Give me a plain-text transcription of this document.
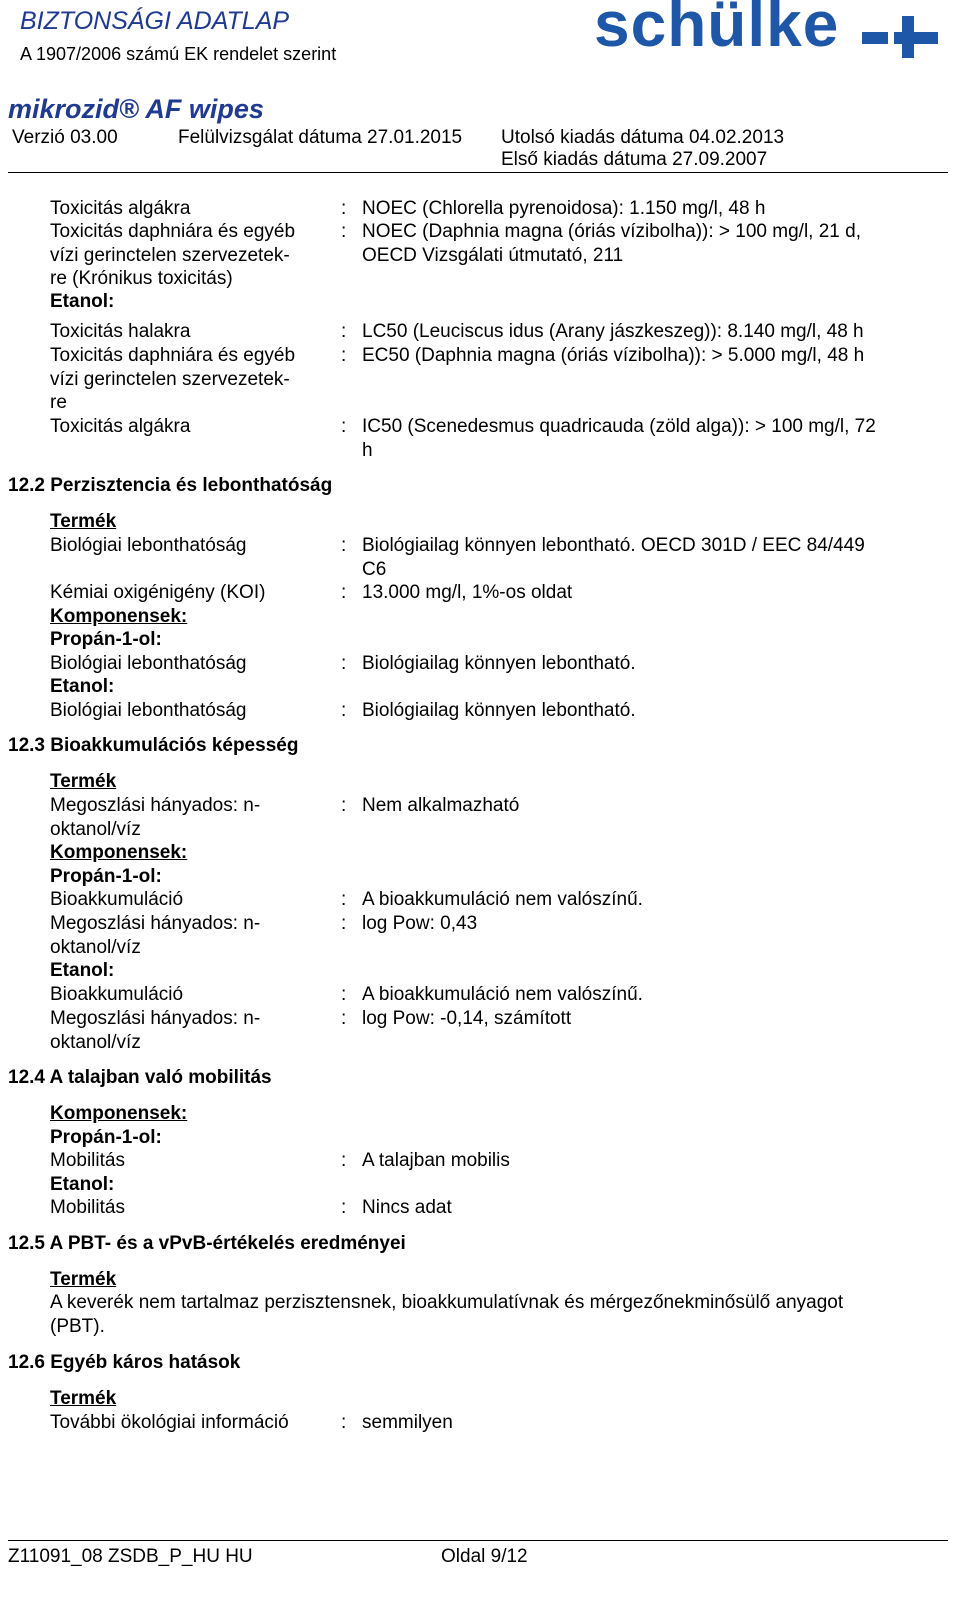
BIZTONSÁGI ADATLAP
A 1907/2006 számú EK rendelet szerint	schülke
mikrozid® AF wipes
Verzió 03.00	Felülvizsgálat dátuma 27.01.2015 Utolsó kiadás dátuma 04.02.2013
Első kiadás dátuma 27.09.2007
Toxicitás algákra	: NOEC (Chlorella pyrenoidosa): 1.150 mg/l, 48 h
Toxicitás daphniára és egyéb
vízi gerinctelen szervezetek-
re (Krónikus toxicitás)
: NOEC (Daphnia magna (óriás vízibolha)): > 100 mg/l, 21 d,
OECD Vizsgálati útmutató, 211
Etanol:
Toxicitás halakra	: LC50 (Leuciscus idus (Arany jászkeszeg)): 8.140 mg/l, 48 h
Toxicitás daphniára és egyéb
vízi gerinctelen szervezetek-
re
: EC50 (Daphnia magna (óriás vízibolha)): > 5.000 mg/l, 48 h
Toxicitás algákra	: IC50 (Scenedesmus quadricauda (zöld alga)): > 100 mg/l, 72
h
12.2 Perzisztencia és lebonthatóság
Termék
Biológiai lebonthatóság	: Biológiailag könnyen lebontható. OECD 301D / EEC 84/449
C6
Kémiai oxigénigény (KOI)	: 13.000 mg/l, 1%-os oldat
Komponensek:
Propán-1-ol:
Biológiai lebonthatóság	: Biológiailag könnyen lebontható.
Etanol:
Biológiai lebonthatóság	: Biológiailag könnyen lebontható.
12.3 Bioakkumulációs képesség
Termék
Megoszlási hányados: n-
oktanol/víz
: Nem alkalmazható
Komponensek:
Propán-1-ol:
Bioakkumuláció	: A bioakkumuláció nem valószínű.
Megoszlási hányados: n-
oktanol/víz
: log Pow: 0,43
Etanol:
Bioakkumuláció	: A bioakkumuláció nem valószínű.
Megoszlási hányados: n-
oktanol/víz
: log Pow: -0,14, számított
12.4 A talajban való mobilitás
Komponensek:
Propán-1-ol:
Mobilitás	: A talajban mobilis
Etanol:
Mobilitás	: Nincs adat
12.5 A PBT- és a vPvB-értékelés eredményei
Termék
A keverék nem tartalmaz perzisztensnek, bioakkumulatívnak és mérgezőnekminősülő anyagot
(PBT).
12.6 Egyéb káros hatások
Termék
További ökológiai információ	: semmilyen
Z11091_08 ZSDB_P_HU HU	Oldal 9/12
